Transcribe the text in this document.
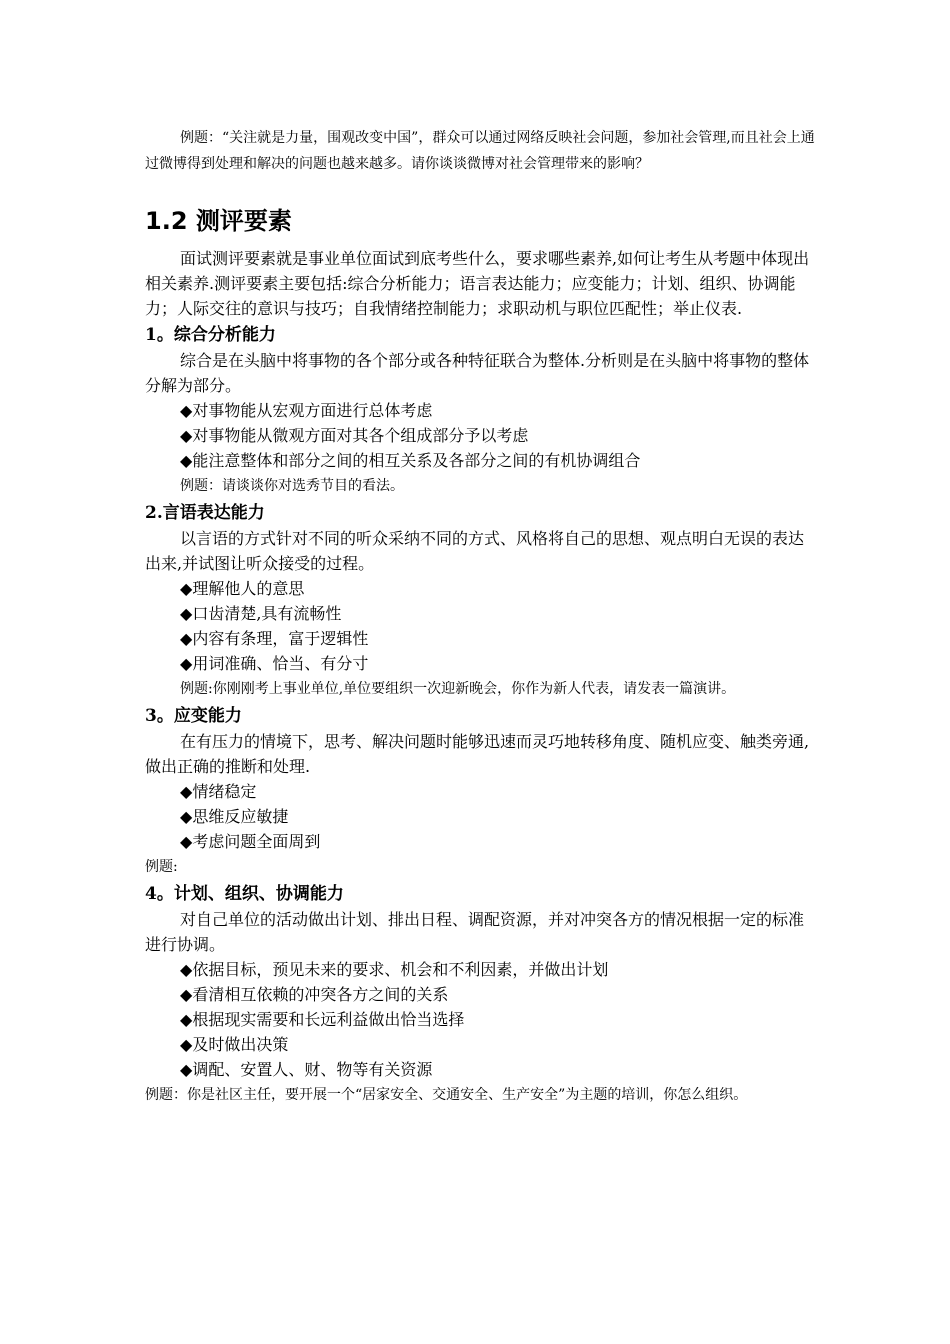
例题：“关注就是力量，围观改变中国”，群众可以通过网络反映社会问题，参加社会管理,而且社会上通过微博得到处理和解决的问题也越来越多。请你谈谈微博对社会管理带来的影响？

1.2 测评要素

面试测评要素就是事业单位面试到底考些什么，要求哪些素养,如何让考生从考题中体现出相关素养.测评要素主要包括:综合分析能力；语言表达能力；应变能力；计划、组织、协调能力；人际交往的意识与技巧；自我情绪控制能力；求职动机与职位匹配性；举止仪表.

1。综合分析能力

综合是在头脑中将事物的各个部分或各种特征联合为整体.分析则是在头脑中将事物的整体分解为部分。

◆对事物能从宏观方面进行总体考虑

◆对事物能从微观方面对其各个组成部分予以考虑

◆能注意整体和部分之间的相互关系及各部分之间的有机协调组合

例题：请谈谈你对选秀节目的看法。

2.言语表达能力

以言语的方式针对不同的听众采纳不同的方式、风格将自己的思想、观点明白无误的表达出来,并试图让听众接受的过程。

◆理解他人的意思

◆口齿清楚,具有流畅性

◆内容有条理，富于逻辑性

◆用词准确、恰当、有分寸

例题:你刚刚考上事业单位,单位要组织一次迎新晚会，你作为新人代表，请发表一篇演讲。

3。应变能力

在有压力的情境下，思考、解决问题时能够迅速而灵巧地转移角度、随机应变、触类旁通,做出正确的推断和处理.

◆情绪稳定

◆思维反应敏捷

◆考虑问题全面周到

例题:

4。计划、组织、协调能力

对自己单位的活动做出计划、排出日程、调配资源，并对冲突各方的情况根据一定的标准进行协调。

◆依据目标，预见未来的要求、机会和不利因素，并做出计划

◆看清相互依赖的冲突各方之间的关系

◆根据现实需要和长远利益做出恰当选择

◆及时做出决策

◆调配、安置人、财、物等有关资源

例题：你是社区主任，要开展一个“居家安全、交通安全、生产安全”为主题的培训，你怎么组织。
